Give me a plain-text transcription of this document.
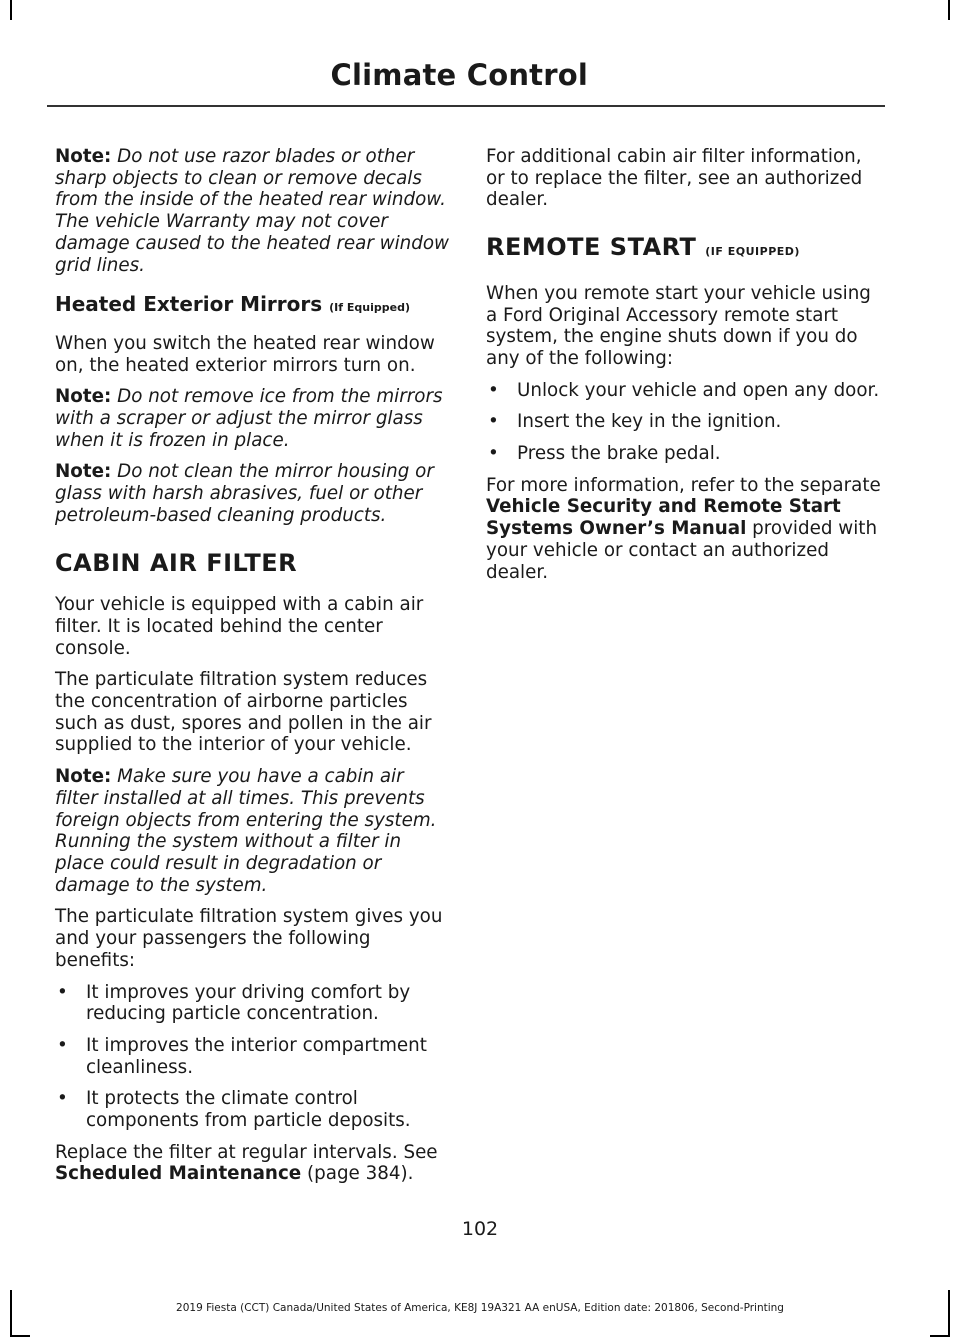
Climate Control

Note: Do not use razor blades or other sharp objects to clean or remove decals from the inside of the heated rear window. The vehicle Warranty may not cover damage caused to the heated rear window grid lines.

Heated Exterior Mirrors (If Equipped)

When you switch the heated rear window on, the heated exterior mirrors turn on.

Note: Do not remove ice from the mirrors with a scraper or adjust the mirror glass when it is frozen in place.

Note: Do not clean the mirror housing or glass with harsh abrasives, fuel or other petroleum-based cleaning products.

CABIN AIR FILTER

Your vehicle is equipped with a cabin air filter. It is located behind the center console.

The particulate filtration system reduces the concentration of airborne particles such as dust, spores and pollen in the air supplied to the interior of your vehicle.

Note: Make sure you have a cabin air filter installed at all times. This prevents foreign objects from entering the system. Running the system without a filter in place could result in degradation or damage to the system.

The particulate filtration system gives you and your passengers the following benefits:

• It improves your driving comfort by reducing particle concentration.
• It improves the interior compartment cleanliness.
• It protects the climate control components from particle deposits.

Replace the filter at regular intervals. See Scheduled Maintenance (page 384).

For additional cabin air filter information, or to replace the filter, see an authorized dealer.

REMOTE START (IF EQUIPPED)

When you remote start your vehicle using a Ford Original Accessory remote start system, the engine shuts down if you do any of the following:

• Unlock your vehicle and open any door.
• Insert the key in the ignition.
• Press the brake pedal.

For more information, refer to the separate Vehicle Security and Remote Start Systems Owner’s Manual provided with your vehicle or contact an authorized dealer.

102
2019 Fiesta (CCT) Canada/United States of America, KE8J 19A321 AA enUSA, Edition date: 201806, Second-Printing
